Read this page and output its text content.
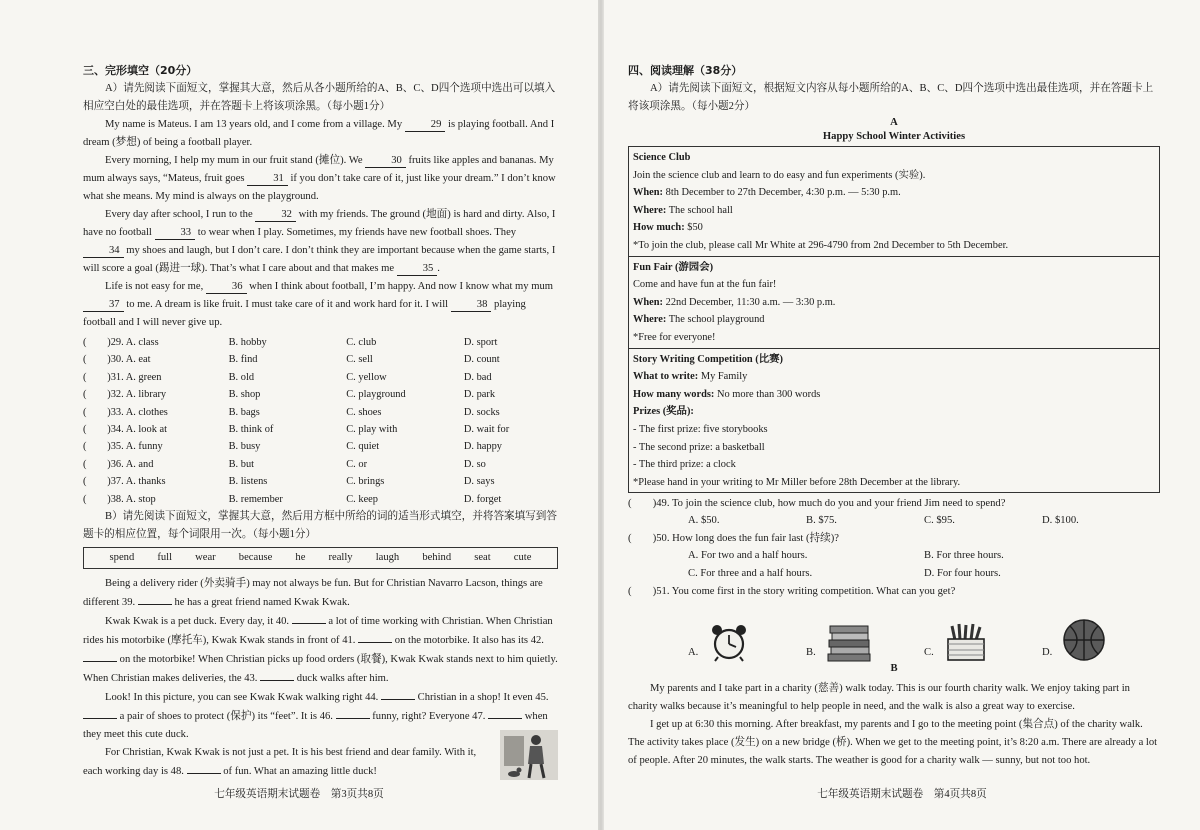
三、完形填空（20分）

A）请先阅读下面短文，掌握其大意，然后从各小题所给的A、B、C、D四个选项中选出可以填入相应空白处的最佳选项，并在答题卡上将该项涂黑。（每小题1分）

My name is Mateus. I am 13 years old, and I come from a village. My	29 is playing football. And I dream (梦想) of being a football player.

Every morning, I help my mum in our fruit stand (摊位). We	30 fruits like apples and bananas. My mum always says, “Mateus, fruit goes	31 if you don’t take care of it, just like your dream.” I don’t know what she means. My mind is always on the playground.

Every day after school, I run to the	32 with my friends. The ground (地面) is hard and dirty. Also, I have no football	33 to wear when I play. Sometimes, my friends have new football shoes. They 34 my shoes and laugh, but I don’t care. I don’t think they are important because when the game starts, I will score a goal (踢进一球). That’s what I care about and that makes me	35 .

Life is not easy for me,	36 when I think about football, I’m happy. And now I know what my mum 37 to me. A dream is like fruit. I must take care of it and work hard for it. I will	38 playing football and I will never give up.

(　　)29. A. class	B. hobby	C. club	D. sport
(　　)30. A. eat	B. find	C. sell	D. count
(　　)31. A. green	B. old	C. yellow	D. bad
(　　)32. A. library	B. shop	C. playground	D. park
(　　)33. A. clothes	B. bags	C. shoes	D. socks
(　　)34. A. look at	B. think of	C. play with	D. wait for
(　　)35. A. funny	B. busy	C. quiet	D. happy
(　　)36. A. and	B. but	C. or	D. so
(　　)37. A. thanks	B. listens	C. brings	D. says
(　　)38. A. stop	B. remember	C. keep	D. forget

B）请先阅读下面短文，掌握其大意，然后用方框中所给的词的适当形式填空，并将答案填写到答题卡的相应位置，每个词限用一次。（每小题1分）

spend full wear because he really laugh behind seat cute

Being a delivery rider (外卖骑手) may not always be fun. But for Christian Navarro Lacson, things are different 39.	he has a great friend named Kwak Kwak.

Kwak Kwak is a pet duck. Every day, it 40.	a lot of time working with Christian. When Christian rides his motorbike (摩托车), Kwak Kwak stands in front of 41.	on the motorbike. It also has its 42.  on the motorbike! When Christian picks up food orders (取餐), Kwak Kwak stands next to him quietly. When Christian makes deliveries, the 43.	duck walks after him.

Look! In this picture, you can see Kwak Kwak walking right 44.	Christian in a shop! It even 45.  a pair of shoes to protect (保护) its “feet”. It is 46.	funny, right? Everyone 47.	when they meet this cute duck.

For Christian, Kwak Kwak is not just a pet. It is his best friend and dear family. With it, each working day is 48.	of fun. What an amazing little duck!

七年级英语期末试题卷　第3页共8页
四、阅读理解（38分）

A）请先阅读下面短文，根据短文内容从每小题所给的A、B、C、D四个选项中选出最佳选项，并在答题卡上将该项涂黑。（每小题2分）

A
Happy School Winter Activities

Science Club

Join the science club and learn to do easy and fun experiments (实验).

When: 8th December to 27th December, 4:30 p.m. — 5:30 p.m.

Where: The school hall

How much: $50

*To join the club, please call Mr White at 296-4790 from 2nd December to 5th December.

Fun Fair (游园会)

Come and have fun at the fun fair!

When: 22nd December, 11:30 a.m. — 3:30 p.m.

Where: The school playground

*Free for everyone!

Story Writing Competition (比赛)

What to write: My Family

How many words: No more than 300 words

Prizes (奖品):

- The first prize: five storybooks

- The second prize: a basketball

- The third prize: a clock

*Please hand in your writing to Mr Miller before 28th December at the library.

(　　)49. To join the science club, how much do you and your friend Jim need to spend?
A. $50.	B. $75.	C. $95.	D. $100.
(　　)50. How long does the fun fair last (持续)?
A. For two and a half hours.	B. For three hours.
C. For three and a half hours.	D. For four hours.
(　　)51. You come first in the story writing competition. What can you get?
A.	B.	C.	D.
B

My parents and I take part in a charity (慈善) walk today. This is our fourth charity walk. We enjoy taking part in charity walks because it’s meaningful to help people in need, and the walk is also a great way to exercise.

I get up at 6:30 this morning. After breakfast, my parents and I go to the meeting point (集合点) of the charity walk. The activity takes place (发生) on a new bridge (桥). When we get to the meeting point, it’s 8:20 a.m. There are already a lot of people. After 20 minutes, the walk starts. The weather is good for a charity walk — sunny, but not too hot.

七年级英语期末试题卷　第4页共8页
